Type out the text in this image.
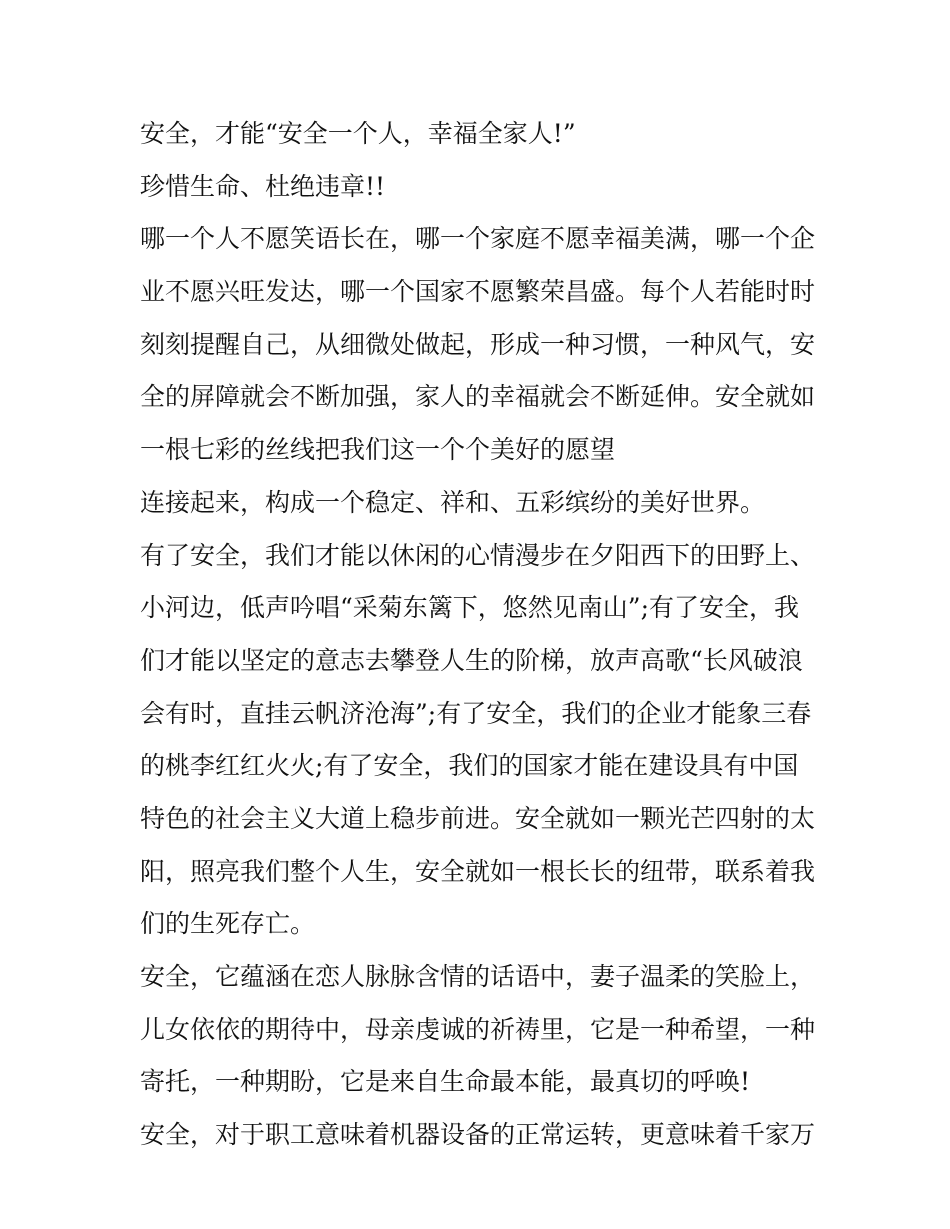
安全，才能“安全一个人，幸福全家人!”
珍惜生命、杜绝违章!!
哪一个人不愿笑语长在，哪一个家庭不愿幸福美满，哪一个企
业不愿兴旺发达，哪一个国家不愿繁荣昌盛。每个人若能时时
刻刻提醒自己，从细微处做起，形成一种习惯，一种风气，安
全的屏障就会不断加强，家人的幸福就会不断延伸。安全就如
一根七彩的丝线把我们这一个个美好的愿望
连接起来，构成一个稳定、祥和、五彩缤纷的美好世界。
有了安全，我们才能以休闲的心情漫步在夕阳西下的田野上、
小河边，低声吟唱“采菊东篱下，悠然见南山”;有了安全，我
们才能以坚定的意志去攀登人生的阶梯，放声高歌“长风破浪
会有时，直挂云帆济沧海”;有了安全，我们的企业才能象三春
的桃李红红火火;有了安全，我们的国家才能在建设具有中国
特色的社会主义大道上稳步前进。安全就如一颗光芒四射的太
阳，照亮我们整个人生，安全就如一根长长的纽带，联系着我
们的生死存亡。
安全，它蕴涵在恋人脉脉含情的话语中，妻子温柔的笑脸上，
儿女依依的期待中，母亲虔诚的祈祷里，它是一种希望，一种
寄托，一种期盼，它是来自生命最本能，最真切的呼唤!
安全，对于职工意味着机器设备的正常运转，更意味着千家万
